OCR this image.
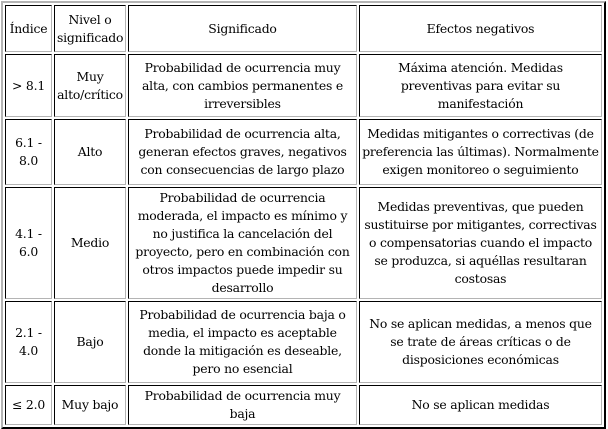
Índice	Nivel o significado	Significado	Efectos negativos
> 8.1	Muy alto/crítico	Probabilidad de ocurrencia muy alta, con cambios permanentes e irreversibles	Máxima atención. Medidas preventivas para evitar su manifestación
6.1 - 8.0	Alto	Probabilidad de ocurrencia alta, generan efectos graves, negativos con consecuencias de largo plazo	Medidas mitigantes o correctivas (de preferencia las últimas). Normalmente exigen monitoreo o seguimiento
4.1 - 6.0	Medio	Probabilidad de ocurrencia moderada, el impacto es mínimo y no justifica la cancelación del proyecto, pero en combinación con otros impactos puede impedir su desarrollo	Medidas preventivas, que pueden sustituirse por mitigantes, correctivas o compensatorias cuando el impacto se produzca, si aquéllas resultaran costosas
2.1 - 4.0	Bajo	Probabilidad de ocurrencia baja o media, el impacto es aceptable donde la mitigación es deseable, pero no esencial	No se aplican medidas, a menos que se trate de áreas críticas o de disposiciones económicas
≤ 2.0	Muy bajo	Probabilidad de ocurrencia muy baja	No se aplican medidas
